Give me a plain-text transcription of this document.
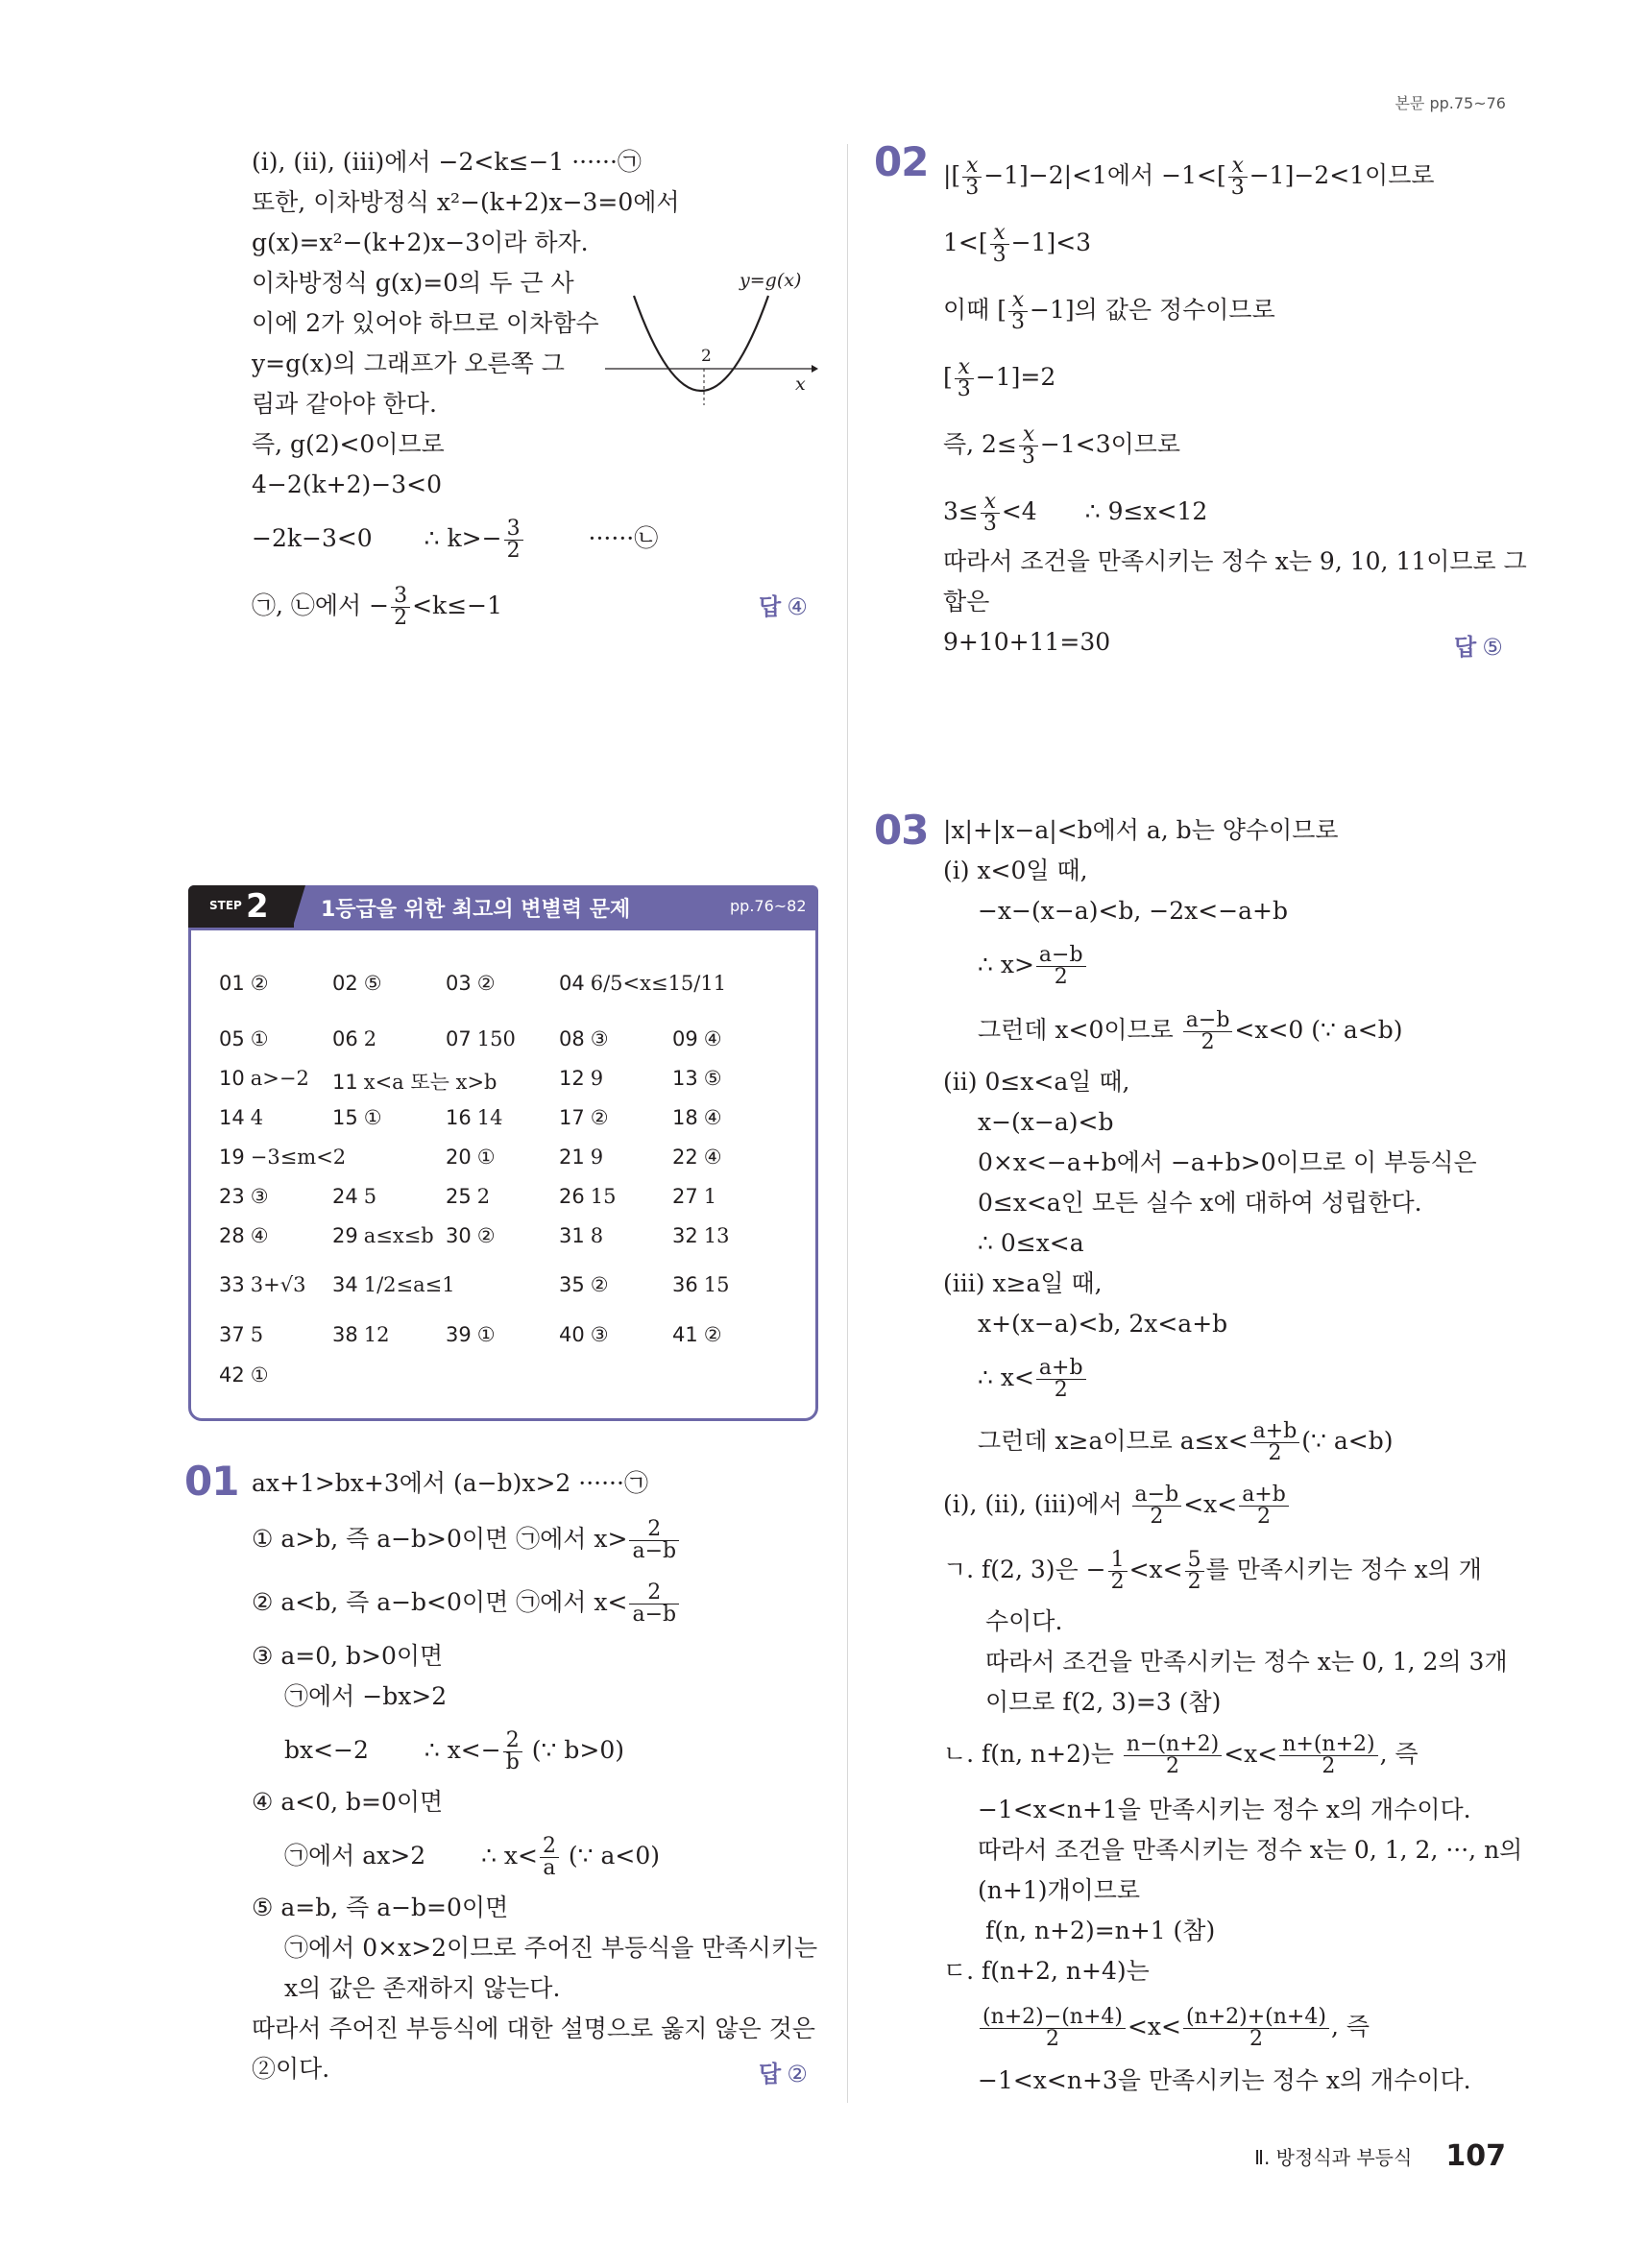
본문 pp.75~76
(ⅰ), (ⅱ), (ⅲ)에서 −2<k≤−1 ······㉠
또한, 이차방정식 x²−(k+2)x−3=0에서
g(x)=x²−(k+2)x−3이라 하자.
이차방정식 g(x)=0의 두 근 사
이에 2가 있어야 하므로 이차함수
y=g(x)의 그래프가 오른쪽 그
림과 같아야 한다.
즉, g(2)<0이므로
4−2(k+2)−3<0
−2k−3<0 ∴ $k>- \frac{3}{2}$	······㉡
㉠, ㉡에서 − $\frac{3}{2} <k\le-1$	답 ④
2
x
y=g(x)
STEP 2 1등급을 위한 최고의 변별력 문제	pp.76~82
01 ②	02 ⑤	03 ②	04 6/5<x≤15/11
05 ①	06 2	07 150 08 ③	09 ④
10 a>−2 11 x<a 또는 x>b	12 9	13 ⑤
14 4	15 ①	16 14	17 ②	18 ④
19 −3≤m<2	20 ①	21 9	22 ④
23 ③	24 5	25 2	26 15	27 1
28 ④	29 a≤x≤b 30 ②	31 8	32 13
33 3+√3 34 1/2≤a≤1	35 ②	36 15
37 5	38 12	39 ①	40 ③	41 ②
42 ①
01 ax+1>bx+3에서 (a−b)x>2 ······㉠
① a>b, 즉 a−b>0이면 ㉠에서 $x> \frac{2}{a-b}$
② a<b, 즉 a−b<0이면 ㉠에서 $x< \frac{2}{a-b}$
③ a=0, b>0이면
㉠에서 −bx>2
bx<−2 ∴ $x<- \frac{2}{b}$ (∵ b>0)
④ a<0, b=0이면
㉠에서 ax>2 ∴ $x< \frac{2}{a}$ (∵ a<0)
⑤ a=b, 즉 a−b=0이면
㉠에서 0×x>2이므로 주어진 부등식을 만족시키는
x의 값은 존재하지 않는다.
따라서 주어진 부등식에 대한 설명으로 옳지 않은 것은
②이다.	답 ②
02 |[ $\frac{x}{3} -1]-2|<1$에서 $-1<[ \frac{x}{3} -1]-2<1$이므로
$1<[ \frac{x}{3} -1]<3$
이때 [ $\frac{x}{3} -1$]의 값은 정수이므로
[ $\frac{x}{3} -1]=2$
즉, $2\le \frac{x}{3} -1<3$이므로
$3\le \frac{x}{3} <4$ ∴ 9≤x<12
따라서 조건을 만족시키는 정수 x는 9, 10, 11이므로 그
합은
9+10+11=30	답 ⑤
03 |x|+|x−a|<b에서 a, b는 양수이므로
(ⅰ) x<0일 때,
−x−(x−a)<b, −2x<−a+b
∴ $x> \frac{a-b}{2}$
그런데 x<0이므로 $\frac{a-b}{2} <x<0$ (∵ a<b)
(ⅱ) 0≤x<a일 때,
x−(x−a)<b
0×x<−a+b에서 −a+b>0이므로 이 부등식은
0≤x<a인 모든 실수 x에 대하여 성립한다.
∴ 0≤x<a
(ⅲ) x≥a일 때,
x+(x−a)<b, 2x<a+b
∴ $x< \frac{a+b}{2}$
그런데 x≥a이므로 $a\le x< \frac{a+b}{2}$ (∵ a<b)
(ⅰ), (ⅱ), (ⅲ)에서 $\frac{a-b}{2} <x< \frac{a+b}{2}$
ㄱ. f(2, 3)은 − $\frac{1}{2} <x< \frac{5}{2}$ 를 만족시키는 정수 x의 개
수이다.
따라서 조건을 만족시키는 정수 x는 0, 1, 2의 3개
이므로 f(2, 3)=3 (참)
ㄴ. f(n, n+2)는 $\frac{n-(n+2)}{2} <x< \frac{n+(n+2)}{2}$ , 즉
−1<x<n+1을 만족시키는 정수 x의 개수이다.
따라서 조건을 만족시키는 정수 x는 0, 1, 2, ···, n의
(n+1)개이므로
f(n, n+2)=n+1 (참)
ㄷ. f(n+2, n+4)는
$\frac{(n+2)-(n+4)}{2} <x< \frac{(n+2)+(n+4)}{2}$ , 즉
−1<x<n+3을 만족시키는 정수 x의 개수이다.
Ⅱ. 방정식과 부등식 107
